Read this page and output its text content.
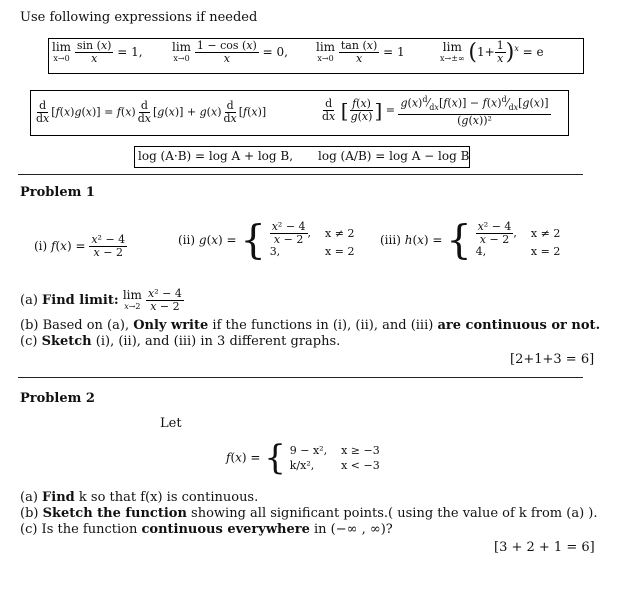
Use following expressions if needed
lim
x→0
$\frac{\sin (x)}{x} = 1$, lim
x→0
$\frac{1 - \cos (x)}{x} = 0$, lim
x→0
$\frac{\tan (x)}{x} = 1$	lim
x→±∞ $(1+ \frac{1}{x} )^x = e$
$\frac{d}{dx} [f(x)g(x)] = f(x) \frac{d}{dx} [g(x)] + g(x) \frac{d}{dx} [f(x)]$	$\frac{d}{dx}$ [ $\frac{f(x)}{g(x)}$ ] = $\frac{g(x)^d⁄_{dx}[f(x)] - f(x)^d⁄_{dx}[g(x)]}{\text{(g(x))²}}$
log (A·B) = log A + log B, log (A/B) = log A − log B
Problem 1
(i) $f(x) = \frac{\text{x² − 4}}{x - 2}$	(ii) g(x) = { $\frac{\text{x² − 4}}{x - 2}$ , x ≠ 2
3,	x = 2
(iii) h(x) = { $\frac{\text{x² − 4}}{x - 2}$ , x ≠ 2
4,	x = 2
(a) Find limit: lim
x→2
$\frac{\text{x² − 4}}{x - 2}$
(b) Based on (a), Only write if the functions in (i), (ii), and (iii) are continuous or not.
(c) Sketch (i), (ii), and (iii) in 3 different graphs.
[2+1+3 = 6]
Problem 2
Let
f(x) = { 9 − x², x ≥ −3
k/x², x < −3
(a) Find k so that f(x) is continuous.
(b) Sketch the function showing all significant points.( using the value of k from (a) ).
(c) Is the function continuous everywhere in (−∞ , ∞)?
[3 + 2 + 1 = 6]
